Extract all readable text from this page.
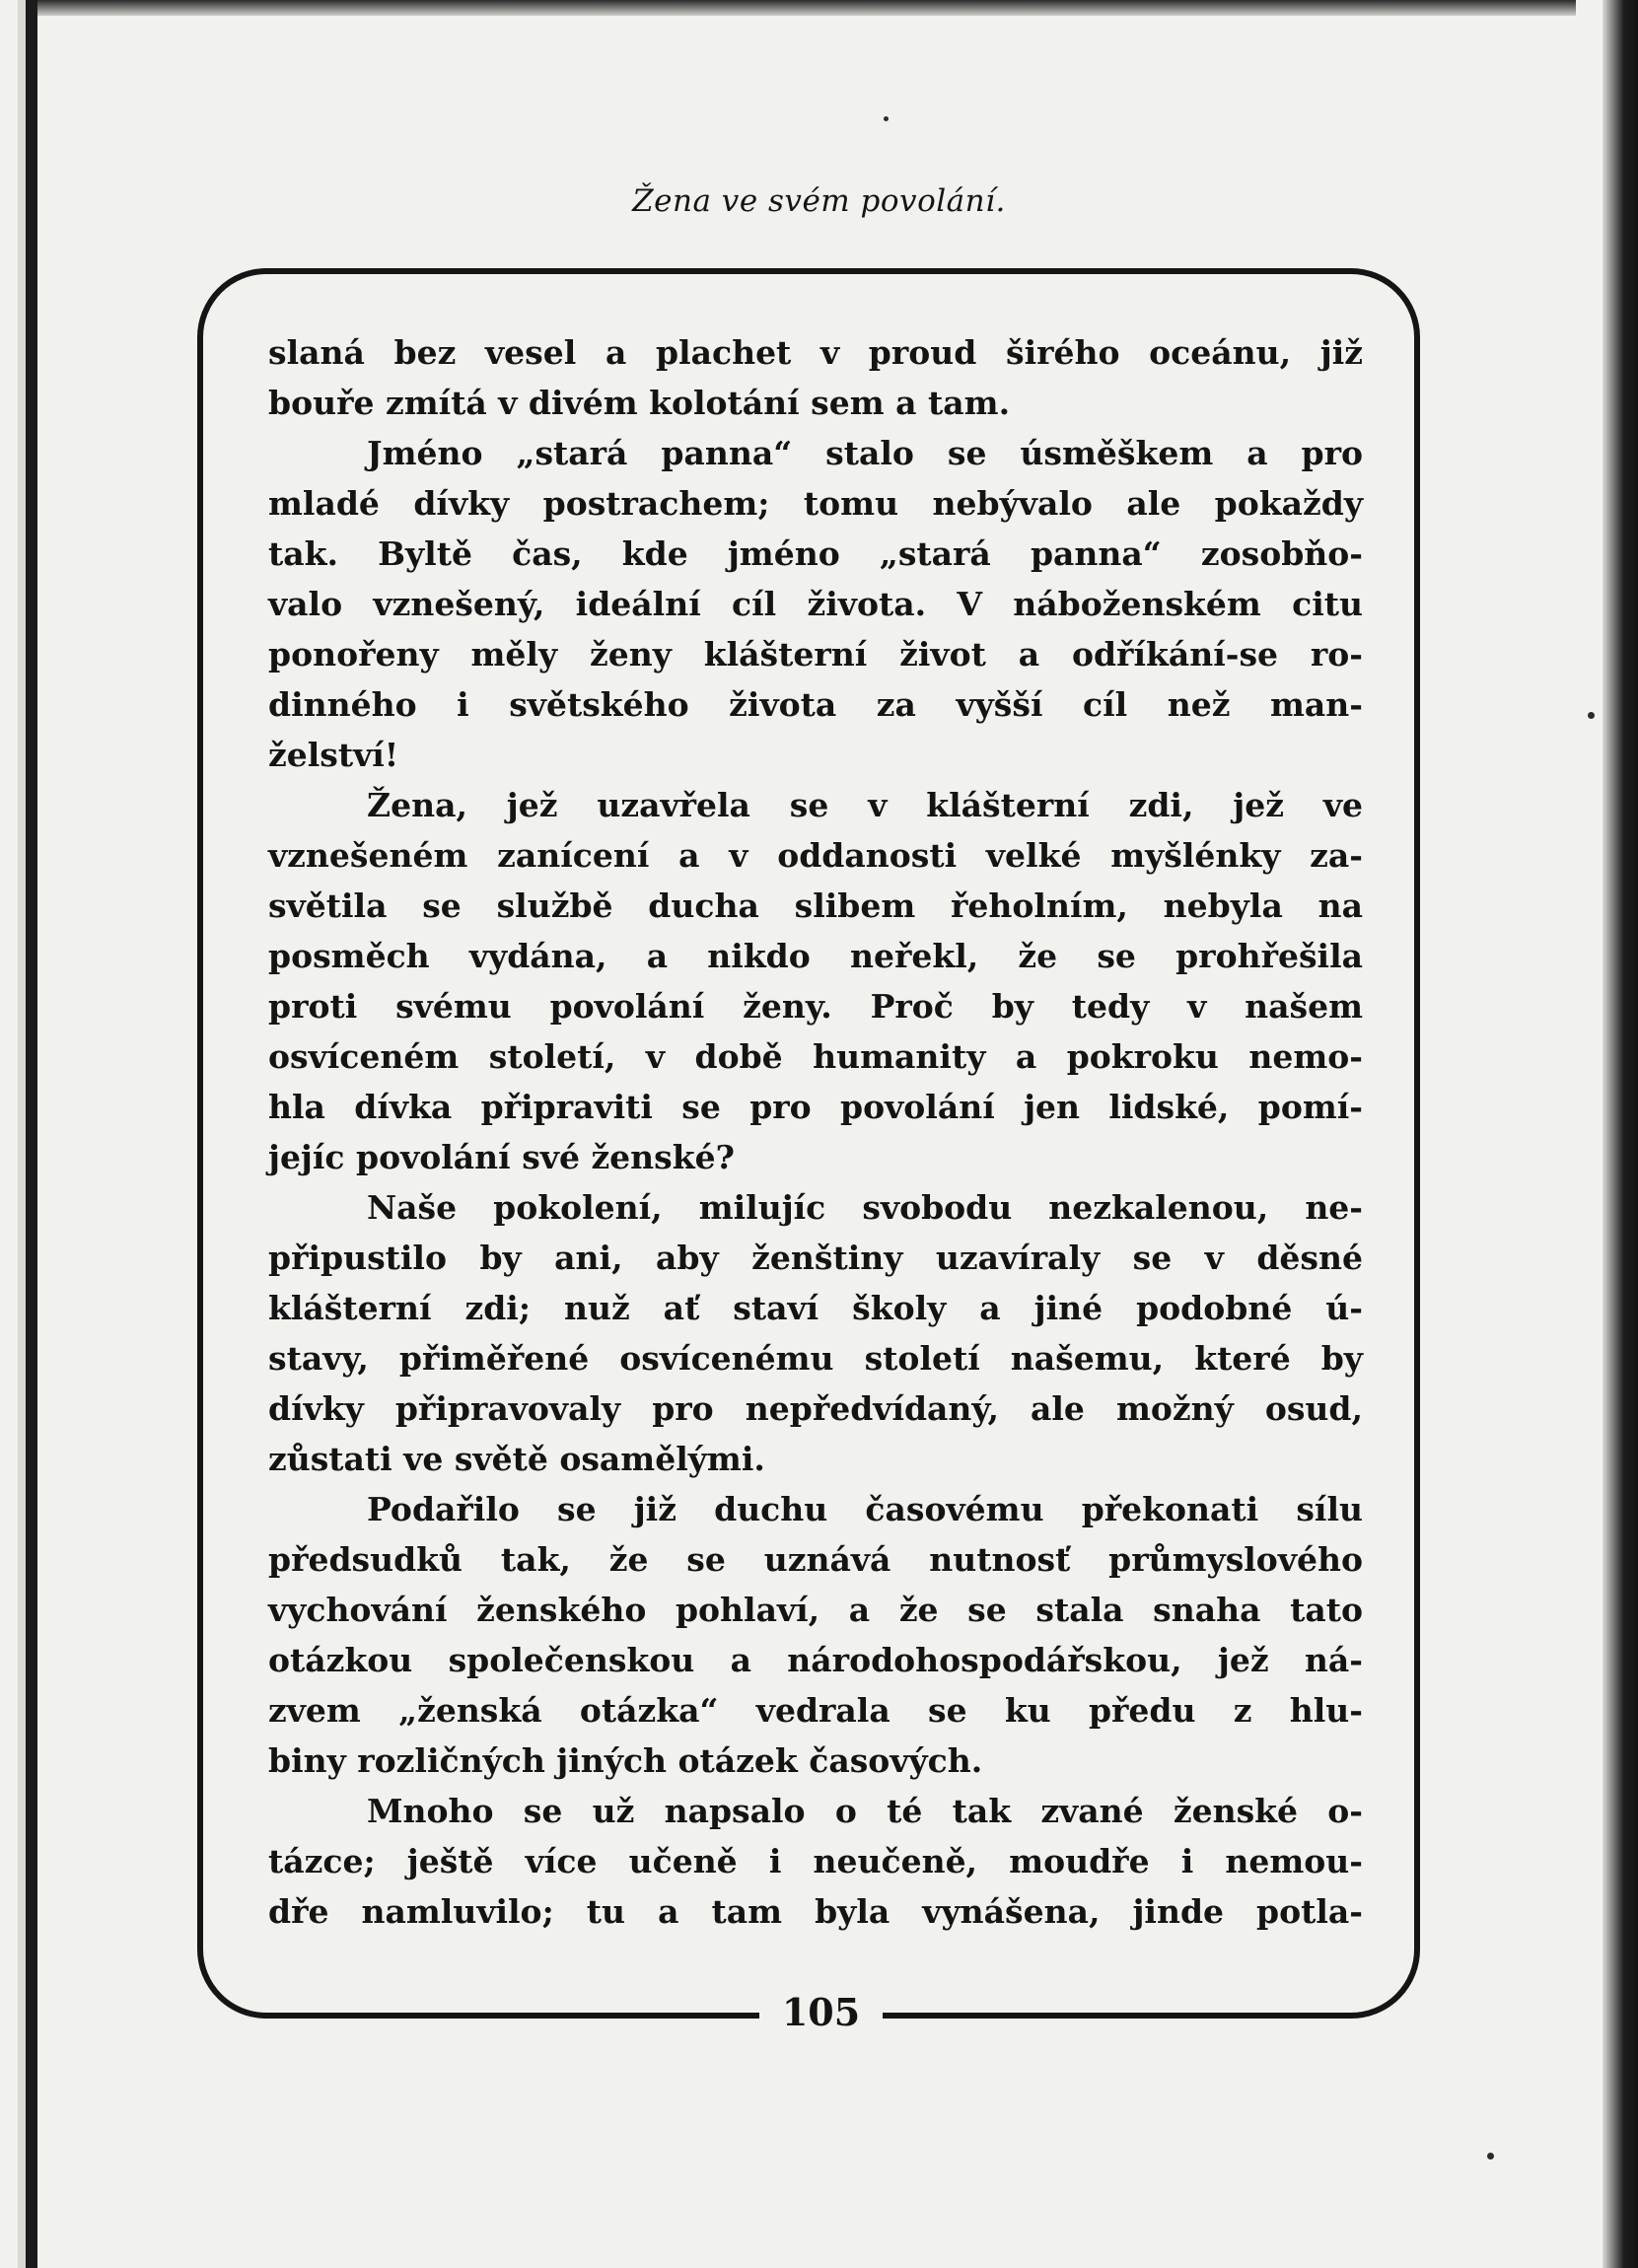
Žena ve svém povolání.
105
slaná bez vesel a plachet v proud širého oceánu, již
bouře zmítá v divém kolotání sem a tam.
Jméno „stará panna“ stalo se úsměškem a pro
mladé dívky postrachem; tomu nebývalo ale pokaždy
tak. Byltě čas, kde jméno „stará panna“ zosobňo-
valo vznešený, ideální cíl života. V náboženském citu
ponořeny měly ženy klášterní život a odříkání-se ro-
dinného i světského života za vyšší cíl než man-
želství!
Žena, jež uzavřela se v klášterní zdi, jež ve
vznešeném zanícení a v oddanosti velké myšlénky za-
světila se službě ducha slibem řeholním, nebyla na
posměch vydána, a nikdo neřekl, že se prohřešila
proti svému povolání ženy. Proč by tedy v našem
osvíceném století, v době humanity a pokroku nemo-
hla dívka připraviti se pro povolání jen lidské, pomí-
jejíc povolání své ženské?
Naše pokolení, milujíc svobodu nezkalenou, ne-
připustilo by ani, aby ženštiny uzavíraly se v děsné
klášterní zdi; nuž ať staví školy a jiné podobné ú-
stavy, přiměřené osvícenému století našemu, které by
dívky připravovaly pro nepředvídaný, ale možný osud,
zůstati ve světě osamělými.
Podařilo se již duchu časovému překonati sílu
předsudků tak, že se uznává nutnosť průmyslového
vychování ženského pohlaví, a že se stala snaha tato
otázkou společenskou a národohospodářskou, jež ná-
zvem „ženská otázka“ vedrala se ku předu z hlu-
biny rozličných jiných otázek časových.
Mnoho se už napsalo o té tak zvané ženské o-
tázce; ještě více učeně i neučeně, moudře i nemou-
dře namluvilo; tu a tam byla vynášena, jinde potla-
